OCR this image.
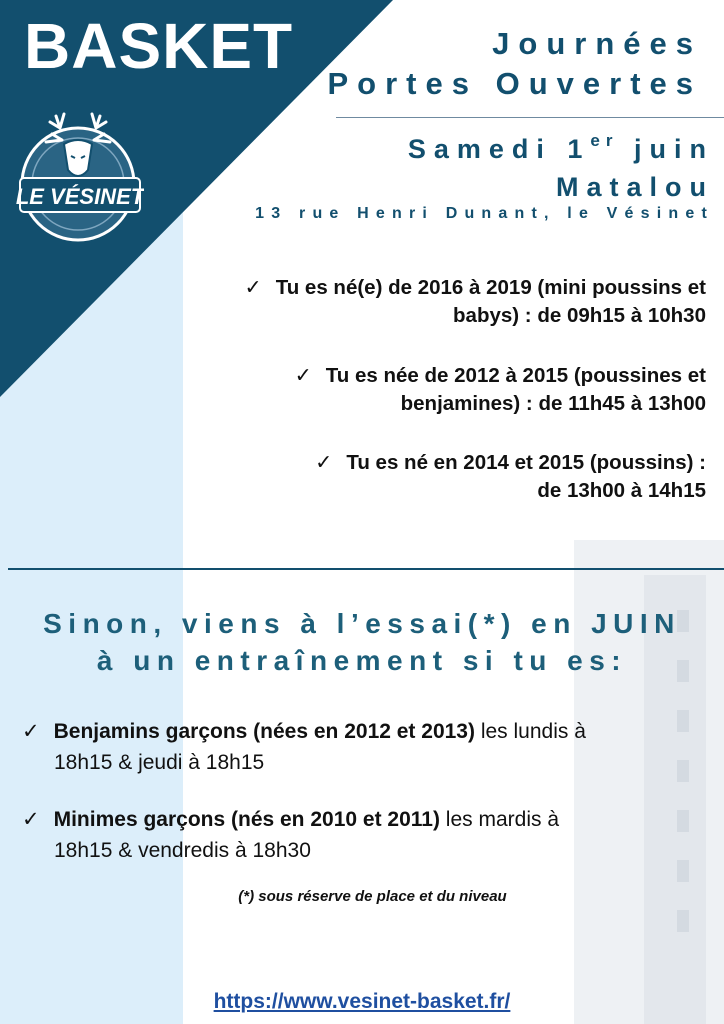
BASKET
LE VÉSINET
Journées
Portes Ouvertes
Samedi 1er juin
Matalou
13 rue Henri Dunant, le Vésinet
✓ Tu es né(e) de 2016 à 2019 (mini poussins et
babys) : de 09h15 à 10h30
✓ Tu es née de 2012 à 2015 (poussines et
benjamines) : de 11h45 à 13h00
✓ Tu es né en 2014 et 2015 (poussins) :
de 13h00 à 14h15
Sinon, viens à l’essai(*) en JUIN
à un entraînement si tu es:
✓ Benjamins garçons (nées en 2012 et 2013) les lundis à
18h15 & jeudi à 18h15
✓ Minimes garçons (nés en 2010 et 2011) les mardis à
18h15 & vendredis à 18h30
(*) sous réserve de place et du niveau
https://www.vesinet-basket.fr/
